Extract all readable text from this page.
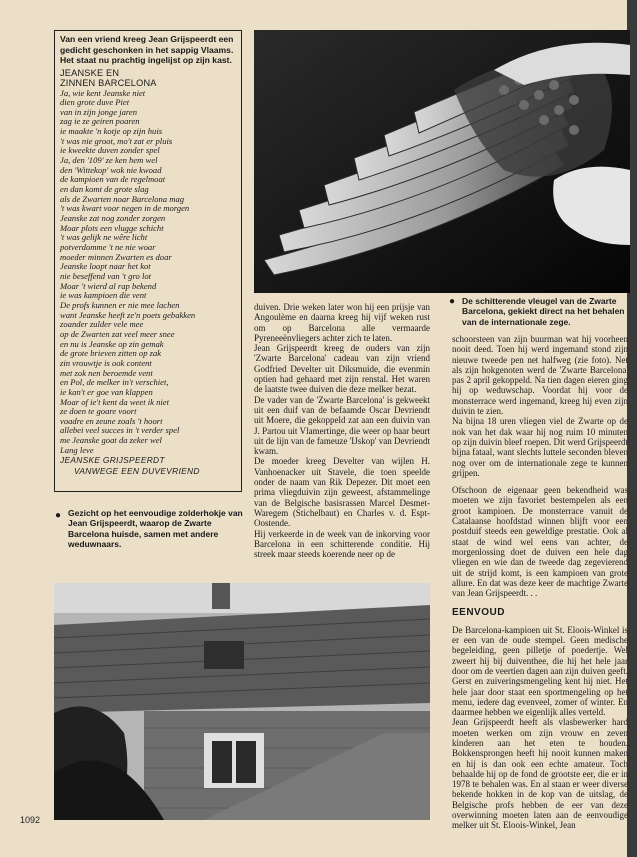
Van een vriend kreeg Jean Grijspeerdt een gedicht geschonken in het sappig Vlaams. Het staat nu prachtig ingelijst op zijn kast.
JEANSKE EN
ZINNEN BARCELONA
Ja, wie kent Jeanske niet
dien grote duve Piet
van in zijn jonge jaren
zag ie ze geiren poaren
ie maakte 'n kotje op zijn huis
't was nie groot, mo't zat er pluis
ie kweekte duven zonder spel
Ja, den '109' ze ken hem wel
den 'Wittekop' wok nie kwoad
de kampioen van de regelmoat
en dan komt de grote slag
als de Zwarten noar Barcelona mag
't was kwart voor negen in de morgen
Jeanske zat nog zonder zorgen
Moar plots een vlugge schicht
't was gelijk ne wêre licht
potverdomme 't ne nie woar
moeder minnen Zwarten es doar
Jeanske loopt naar het kot
nie beseffend van 't gro lot
Moar 't wierd al rap bekend
ie was kampioen die vent
De profs kunnen er nie mee lachen
want Jeanske heeft ze'n poets gebakken
zoander zulder vele mee
op de Zwarten zat veel meer snee
en nu is Jeanske op zin gemak
de grote brieven zitten op zak
zin vrouwtje is ook content
met zok nen beroemde vent
en Pol, de melker in't verschiet,
ie kan't er goe van klappen
Moar of ie't kent da weet ik niet
ze doen te goare voort
voadre en zeune zoals 't hoort
allebei veel succes in 't verder spel
me Jeanske goat da zeker wel
Lang leve
JEANSKE GRIJSPEERDT
VANWEGE EEN DUVEVRIEND
● Gezicht op het eenvoudige zolderhokje van Jean Grijspeerdt, waarop de Zwarte Barcelona huisde, samen met andere weduwnaars.
● De schitterende vleugel van de Zwarte Barcelona, gekiekt direct na het behalen van de internationale zege.

duiven. Drie weken later won hij een prijsje van Angoulème en daarna kreeg hij vijf weken rust om op Barcelona alle vermaarde Pyreneeënvliegers achter zich te laten.

Jean Grijspeerdt kreeg de ouders van zijn 'Zwarte Barcelona' cadeau van zijn vriend Godfried Develter uit Diksmuide, die evenmin optien had gehaard met zijn renstal. Het waren de laatste twee duiven die deze melker bezat.

De vader van de 'Zwarte Barcelona' is gekweekt uit een duif van de befaamde Oscar Devriendt uit Moere, die gekoppeld zat aan een duivin van J. Partou uit Vlamertinge, die weer op haar beurt uit de lijn van de fameuze 'IJskop' van Devriendt kwam.

De moeder kreeg Develter van wijlen H. Vanhoenacker uit Stavele, die toen speelde onder de naam van Rik Depezer. Dit moet een prima vliegduivin zijn geweest, afstammelinge van de Belgische basisrassen Marcel Desmet-Waregem (Stichelbaut) en Charles v. d. Espt-Oostende.

Hij verkeerde in de week van de inkorving voor Barcelona in een schitterende conditie. Hij streek maar steeds koerende neer op de

schoorsteen van zijn buurman wat hij voorheen nooit deed. Toen hij werd ingemand stond zijn nieuwe tweede pen net halfweg (zie foto). Net als zijn hokgenoten werd de 'Zwarte Barcelona' pas 2 april gekoppeld. Na tien dagen eieren ging hij op weduwschap. Voordat hij voor de monsterrace werd ingemand, kreeg hij even zijn duivin te zien.

Na bijna 18 uren vliegen viel de Zwarte op de nok van het dak waar hij nog ruim 10 minuten op zijn duivin bleef roepen. Dit werd Grijspeerdt bijna fataal, want slechts luttele seconden bleven nog over om de internationale zege te kunnen grijpen.

Ofschoon de eigenaar geen bekendheid was moeten we zijn favoriet bestempelen als een groot kampioen. De monsterrace vanuit de Catalaanse hoofdstad winnen blijft voor een postduif steeds een geweldige prestatie. Ook al staat de wind wel eens van achter, de morgenlossing doet de duiven een hele dag vliegen en wie dan de tweede dag zegevierend uit de strijd komt, is een kampioen van grote allure. En dat was deze keer de machtige Zwarte van Jean Grijspeerdt. . .

EENVOUD

De Barcelona-kampioen uit St. Eloois-Winkel is er een van de oude stempel. Geen medische begeleiding, geen pilletje of poedertje. Wel zweert hij bij duiventhee, die hij het hele jaar door om de veertien dagen aan zijn duiven geeft. Gerst en zuiveringsmengeling kent hij niet. Het hele jaar door staat een sportmengeling op het menu, iedere dag evenveel, zomer of winter. En daarmee hebben we eigenlijk alles verteld.

Jean Grijspeerdt heeft als vlasbewerker hard moeten werken om zijn vrouw en zeven kinderen aan het eten te houden. Bokkensprongen heeft hij nooit kunnen maken en hij is dan ook een echte amateur. Toch behaalde hij op de fond de grootste eer, die er in 1978 te behalen was. En al staan er weer diverse bekende hokken in de kop van de uitslag, de Belgische profs hebben de eer van deze overwinning moeten laten aan de eenvoudige melker uit St. Eloois-Winkel, Jean

1092
